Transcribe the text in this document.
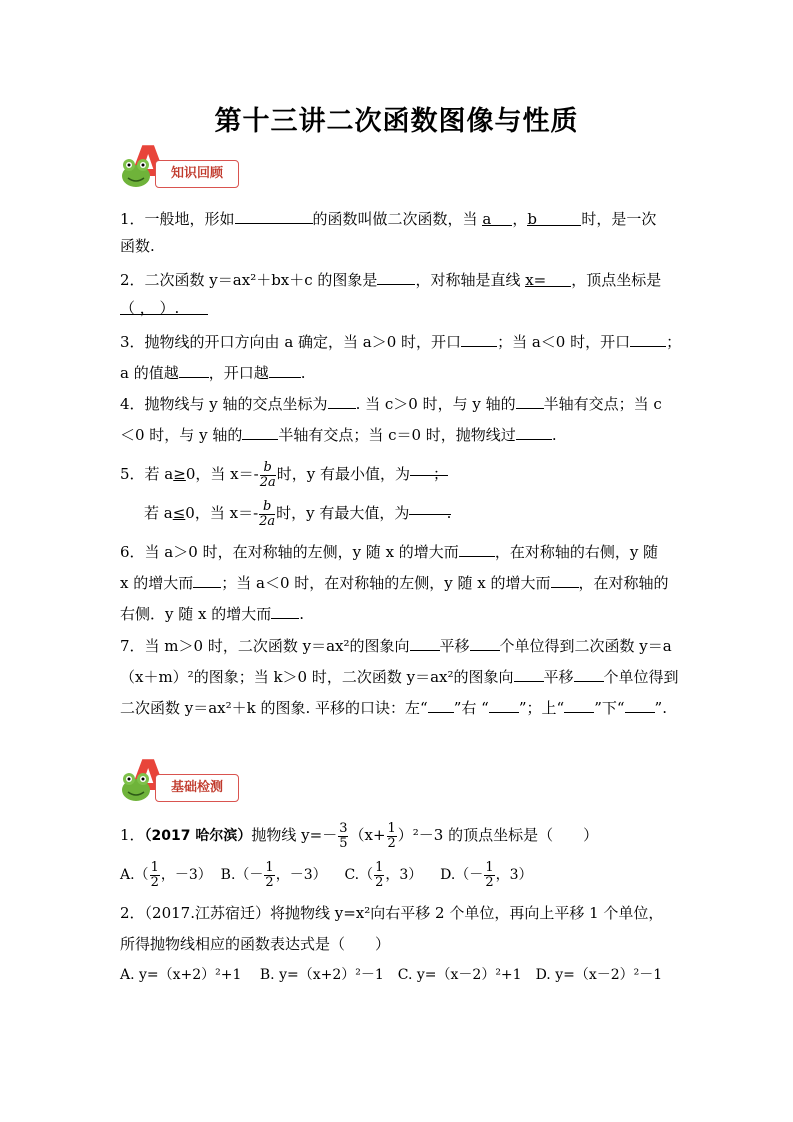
第十三讲二次函数图像与性质
知识回顾
1．一般地，形如	的函数叫做二次函数，当 a ，b	时，是一次
函数.
2．二次函数 y＝ax²＋bx＋c 的图象是	，对称轴是直线 x= ，顶点坐标是
（ ， ）.
3．抛物线的开口方向由 a 确定，当 a＞0 时，开口 ；当 a＜0 时，开口 ；
a 的值越 ，开口越 .
4．抛物线与 y 轴的交点坐标为 . 当 c＞0 时，与 y 轴的 半轴有交点；当 c
＜0 时，与 y 轴的 半轴有交点；当 c＝0 时，抛物线过 .
5．若 a≥0，当 $x=- \frac{b}{2a}$ 时，y 有最小值，为 ；
若 a≤0，当 $x=- \frac{b}{2a}$ 时，y 有最大值，为 .
6．当 a＞0 时，在对称轴的左侧，y 随 x 的增大而 ，在对称轴的右侧，y 随
x 的增大而 ；当 a＜0 时，在对称轴的左侧，y 随 x 的增大而 ，在对称轴的
右侧．y 随 x 的增大而 .
7．当 m＞0 时，二次函数 y＝ax²的图象向 平移 个单位得到二次函数 y＝a
（x＋m）²的图象；当 k＞0 时，二次函数 y＝ax²的图象向 平移 个单位得到
二次函数 y＝ax²＋k 的图象. 平移的口诀：左“ ”右 “ ”；上“ ”下“ ”.
基础检测
1．（2017 哈尔滨）抛物线 $y=- \frac{3}{5} (x+ \frac{1}{2} )^2-3$ 的顶点坐标是（　　）
$A.( \frac{1}{2}$ ，－3） $B.(- \frac{1}{2}$ ，－3） $C.( \frac{1}{2}$ ，3） $D.(- \frac{1}{2}$ ，3）
2．（2017.江苏宿迁）将抛物线 y=x²向右平移 2 个单位，再向上平移 1 个单位，
所得抛物线相应的函数表达式是（　　）
A. y=（x+2）²+1　 B. y=（x+2）²－1　C. y=（x－2）²+1　D. y=（x－2）²－1
